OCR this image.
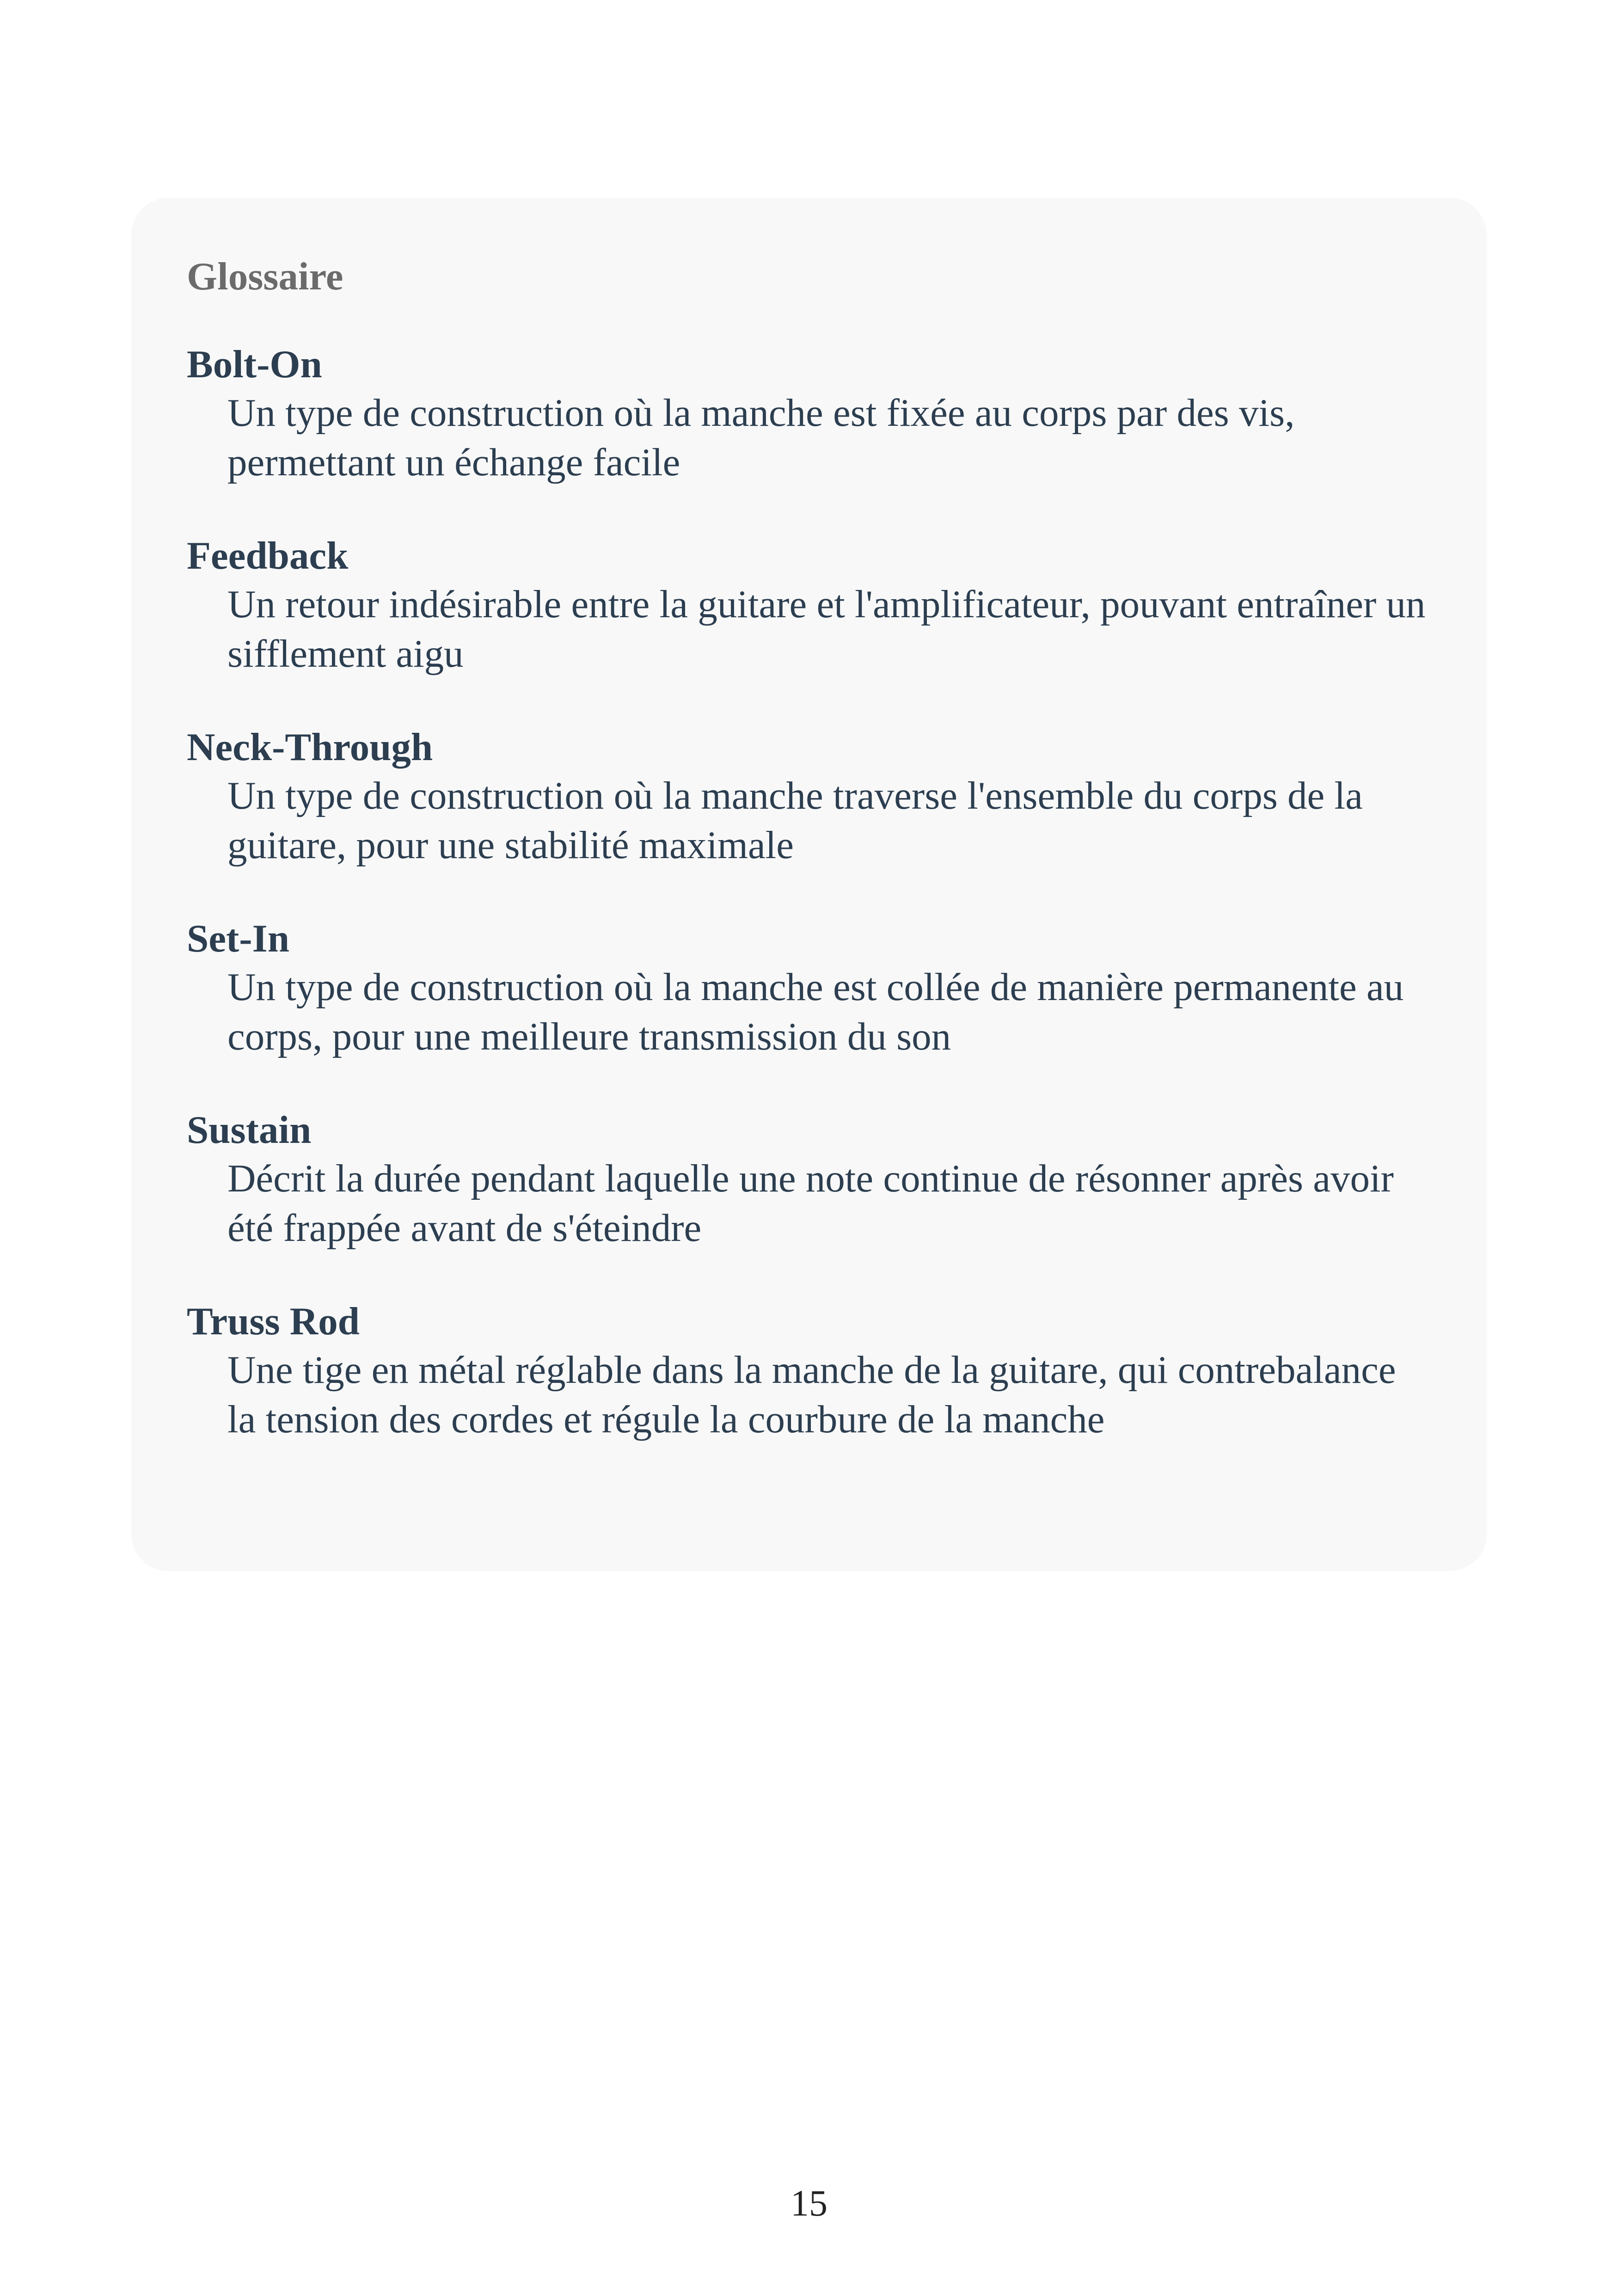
Glossaire

Bolt-On

Un type de construction où la manche est fixée au corps par des vis, permettant un échange facile

Feedback

Un retour indésirable entre la guitare et l'amplificateur, pouvant entraîner un sifflement aigu

Neck-Through

Un type de construction où la manche traverse l'ensemble du corps de la guitare, pour une stabilité maximale

Set-In

Un type de construction où la manche est collée de manière permanente au corps, pour une meilleure transmission du son

Sustain

Décrit la durée pendant laquelle une note continue de résonner après avoir été frappée avant de s'éteindre

Truss Rod

Une tige en métal réglable dans la manche de la guitare, qui contrebalance la tension des cordes et régule la courbure de la manche

15
